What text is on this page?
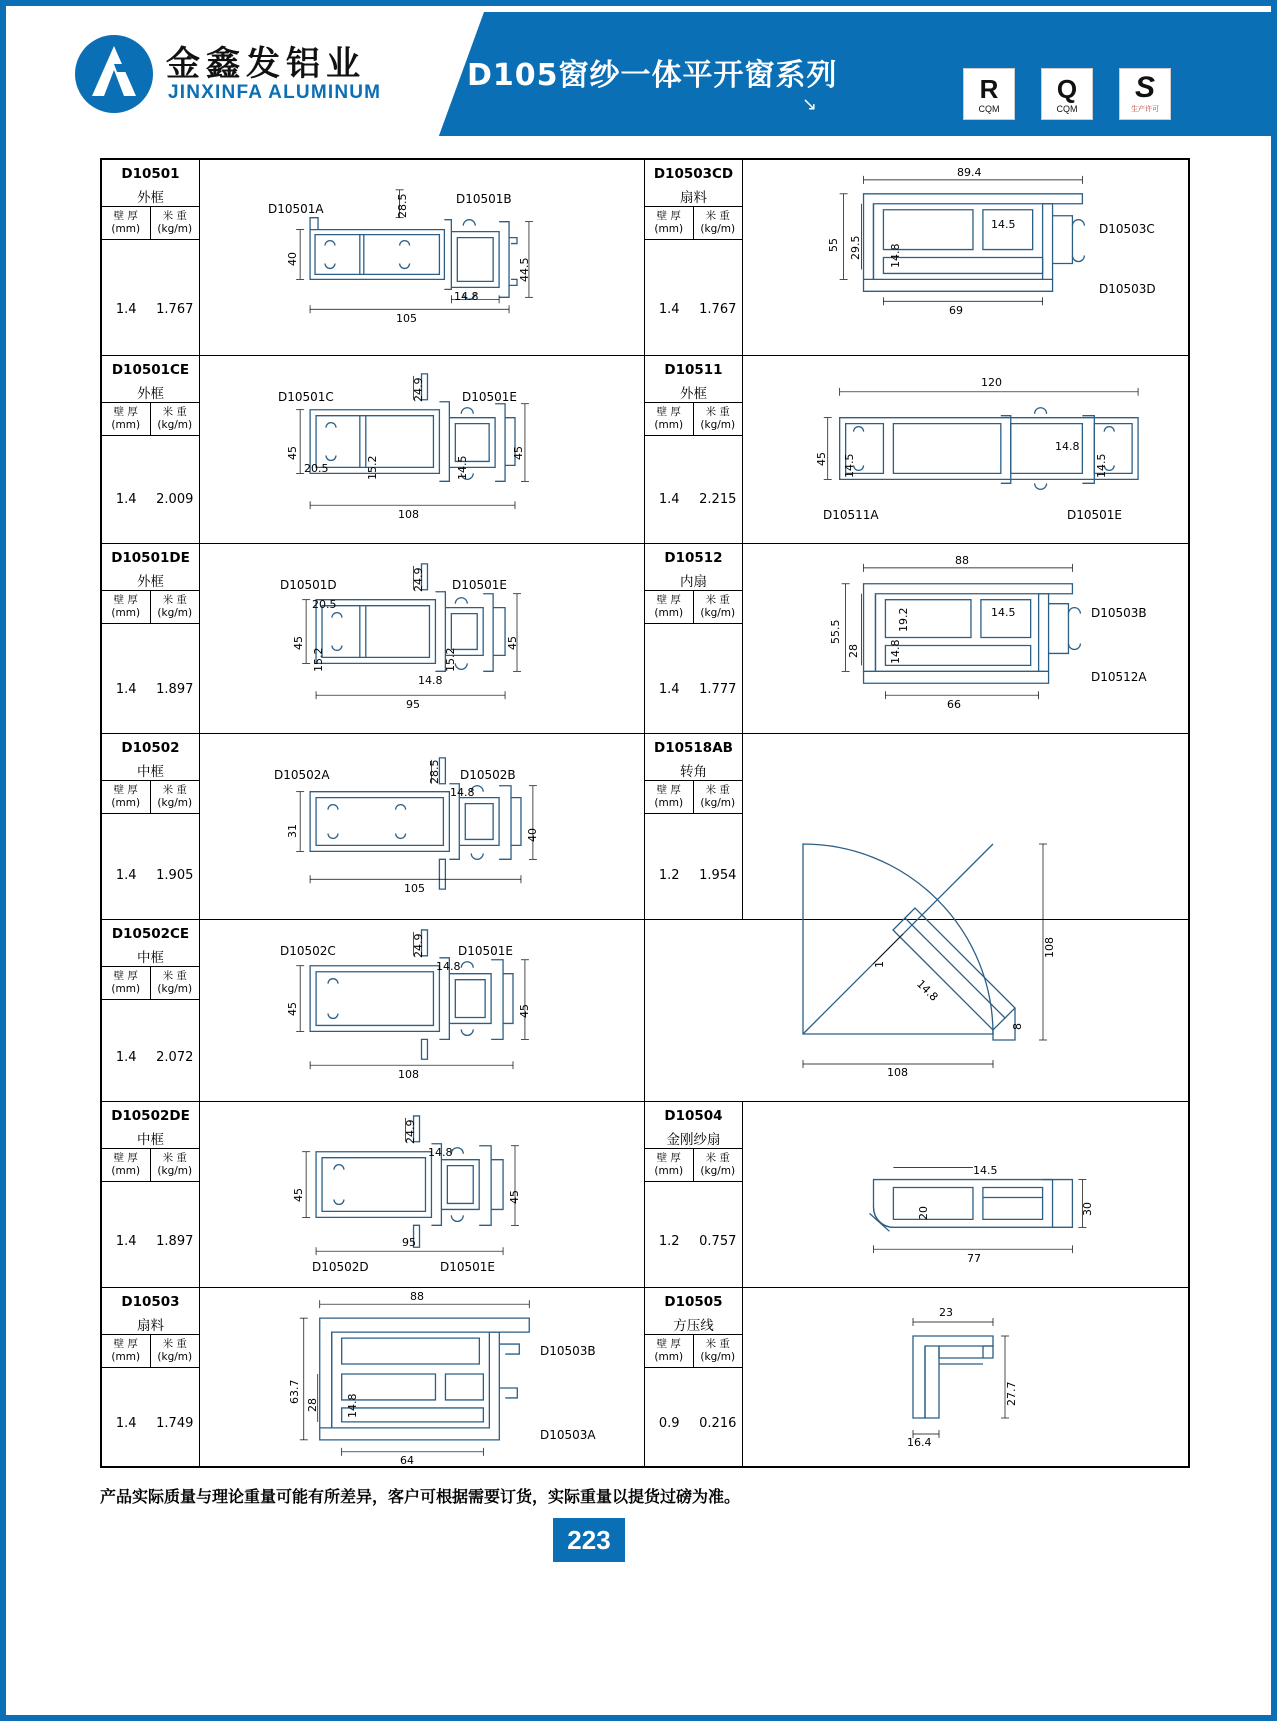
金鑫发铝业
JINXINFA ALUMINUM	D105窗纱一体平开窗系列
↘	R
CQM
Q
CQM
S
生产许可
D10501
外框
壁 厚
(mm)
米 重
(kg/m)
1.4	1.767
D10501A
D10501B
28.5
40	44.5
14.8
105
D10503CD
扇料
壁 厚
(mm)
米 重
(kg/m)
1.4	1.767
89.4
55 29.5
14.5
14.8
69
D10503C
D10503D
D10501CE
外框
壁 厚
(mm)
米 重
(kg/m)
1.4	2.009
D10501C	D10501E
24.9
45
20.5	15.2	14.5
45
108
D10511
外框
壁 厚
(mm)
米 重
(kg/m)
1.4	2.215
120
45 14.5
14.8
14.5
D10511A	D10501E
D10501DE
外框
壁 厚
(mm)
米 重
(kg/m)
1.4	1.897
D10501D	D10501E
24.9
20.5
45
15.2	15.2
14.8
45
95
D10512
内扇
壁 厚
(mm)
米 重
(kg/m)
1.4	1.777
88
55.5	19.2	14.5
28	14.8
66
D10503B
D10512A
D10502
中框
壁 厚
(mm)
米 重
(kg/m)
1.4	1.905
D10502A	D10502B
28.5
14.8
31	40
105
D10518AB
转角
壁 厚
(mm)
米 重
(kg/m)
1.2	1.954
108
1
14.8
8
108
D10502CE
中框
壁 厚
(mm)
米 重
(kg/m)
1.4	2.072
D10502C	D10501E
24.9
14.8
45	45
108
D10502DE
中框
壁 厚
(mm)
米 重
(kg/m)
1.4	1.897
24.9
14.8
45	45
95
D10502D	D10501E
D10504
金刚纱扇
壁 厚
(mm)
米 重
(kg/m)
1.2	0.757
20
14.5
30
77
D10503
扇料
壁 厚
(mm)
米 重
(kg/m)
1.4	1.749
88
63.7
28 14.8
64
D10503B
D10503A
D10505
方压线
壁 厚
(mm)
米 重
(kg/m)
0.9	0.216
23
27.7
16.4
产品实际质量与理论重量可能有所差异，客户可根据需要订货，实际重量以提货过磅为准。
223
